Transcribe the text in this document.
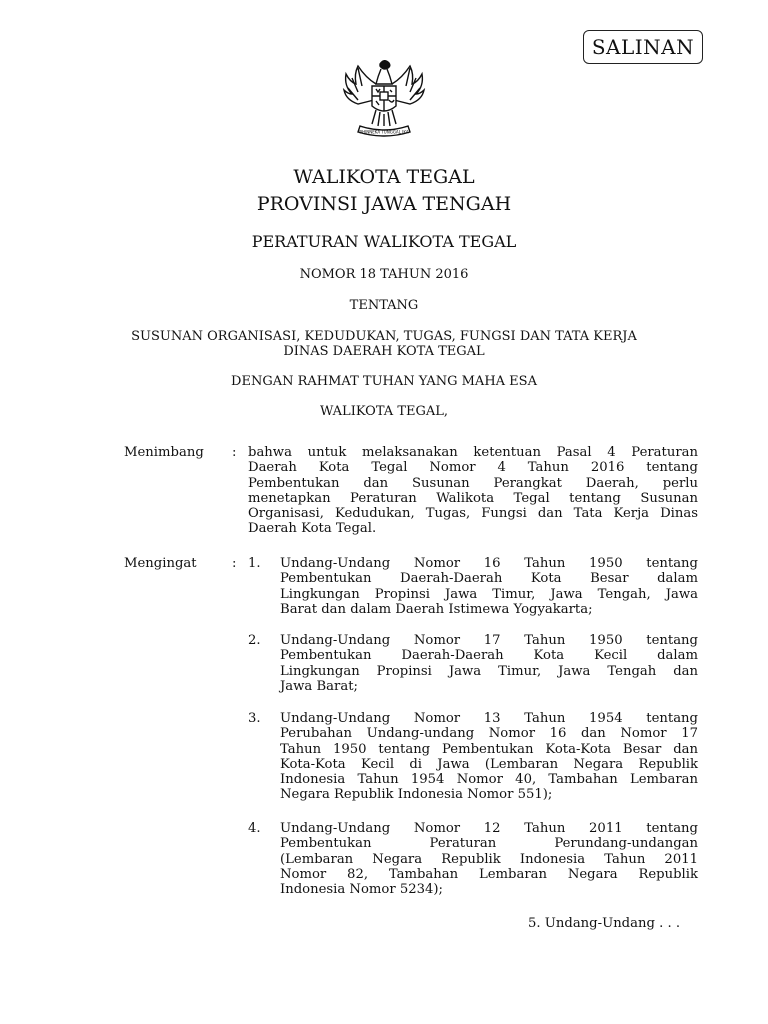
SALINAN
BHINNEKA TUNGGAL IKA
WALIKOTA TEGAL
PROVINSI JAWA TENGAH
PERATURAN WALIKOTA TEGAL
NOMOR 18 TAHUN 2016
TENTANG
SUSUNAN ORGANISASI, KEDUDUKAN, TUGAS, FUNGSI DAN TATA KERJA
DINAS DAERAH KOTA TEGAL
DENGAN RAHMAT TUHAN YANG MAHA ESA
WALIKOTA TEGAL,
Menimbang : bahwa untuk melaksanakan ketentuan Pasal 4 Peraturan
Daerah Kota Tegal Nomor 4 Tahun 2016 tentang
Pembentukan dan Susunan Perangkat Daerah, perlu
menetapkan Peraturan Walikota Tegal tentang Susunan
Organisasi, Kedudukan, Tugas, Fungsi dan Tata Kerja Dinas
Daerah Kota Tegal.
Mengingat	: 1. Undang-Undang Nomor 16 Tahun 1950 tentang
Pembentukan Daerah-Daerah Kota Besar dalam
Lingkungan Propinsi Jawa Timur, Jawa Tengah, Jawa
Barat dan dalam Daerah Istimewa Yogyakarta;
2. Undang-Undang Nomor 17 Tahun 1950 tentang
Pembentukan Daerah-Daerah Kota Kecil dalam
Lingkungan Propinsi Jawa Timur, Jawa Tengah dan
Jawa Barat;
3. Undang-Undang Nomor 13 Tahun 1954 tentang
Perubahan Undang-undang Nomor 16 dan Nomor 17
Tahun 1950 tentang Pembentukan Kota-Kota Besar dan
Kota-Kota Kecil di Jawa (Lembaran Negara Republik
Indonesia Tahun 1954 Nomor 40, Tambahan Lembaran
Negara Republik Indonesia Nomor 551);
4. Undang-Undang Nomor 12 Tahun 2011 tentang
Pembentukan Peraturan Perundang-undangan
(Lembaran Negara Republik Indonesia Tahun 2011
Nomor 82, Tambahan Lembaran Negara Republik
Indonesia Nomor 5234);
5. Undang-Undang . . .
